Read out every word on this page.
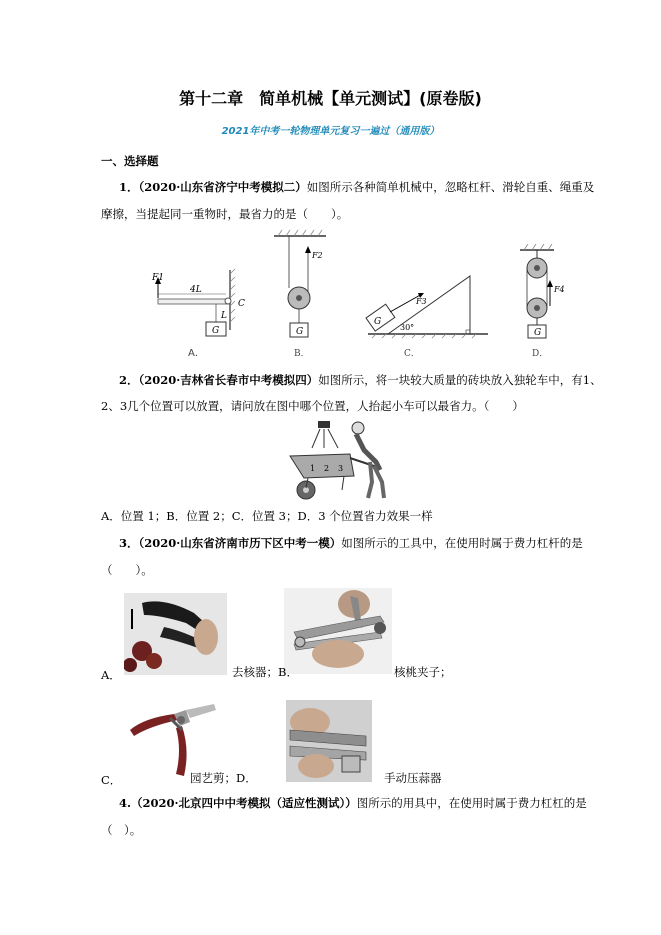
第十二章　简单机械【单元测试】(原卷版)
2021年中考一轮物理单元复习一遍过（通用版）
一、选择题
1．（2020·山东省济宁中考模拟二）如图所示各种简单机械中，忽略杠杆、滑轮自重、绳重及
摩擦，当提起同一重物时，最省力的是（　　）。
F1
4L
L
C
G
A．
F2
G
B．
F3
30°
G
C．
F4
G
D．
2．（2020·吉林省长春市中考模拟四）如图所示，将一块较大质量的砖块放入独轮车中，有1、
2、3几个位置可以放置，请问放在图中哪个位置，人抬起小车可以最省力。（　　）
1 2 3
A．位置 1；B．位置 2；C．位置 3；D．3 个位置省力效果一样
3．（2020·山东省济南市历下区中考一模）如图所示的工具中，在使用时属于费力杠杆的是
（　　）。
A．	去核器；B．	核桃夹子；
C．	园艺剪；D．	手动压蒜器
4.（2020·北京四中中考模拟（适应性测试））图所示的用具中，在使用时属于费力杠杠的是
（　）。
